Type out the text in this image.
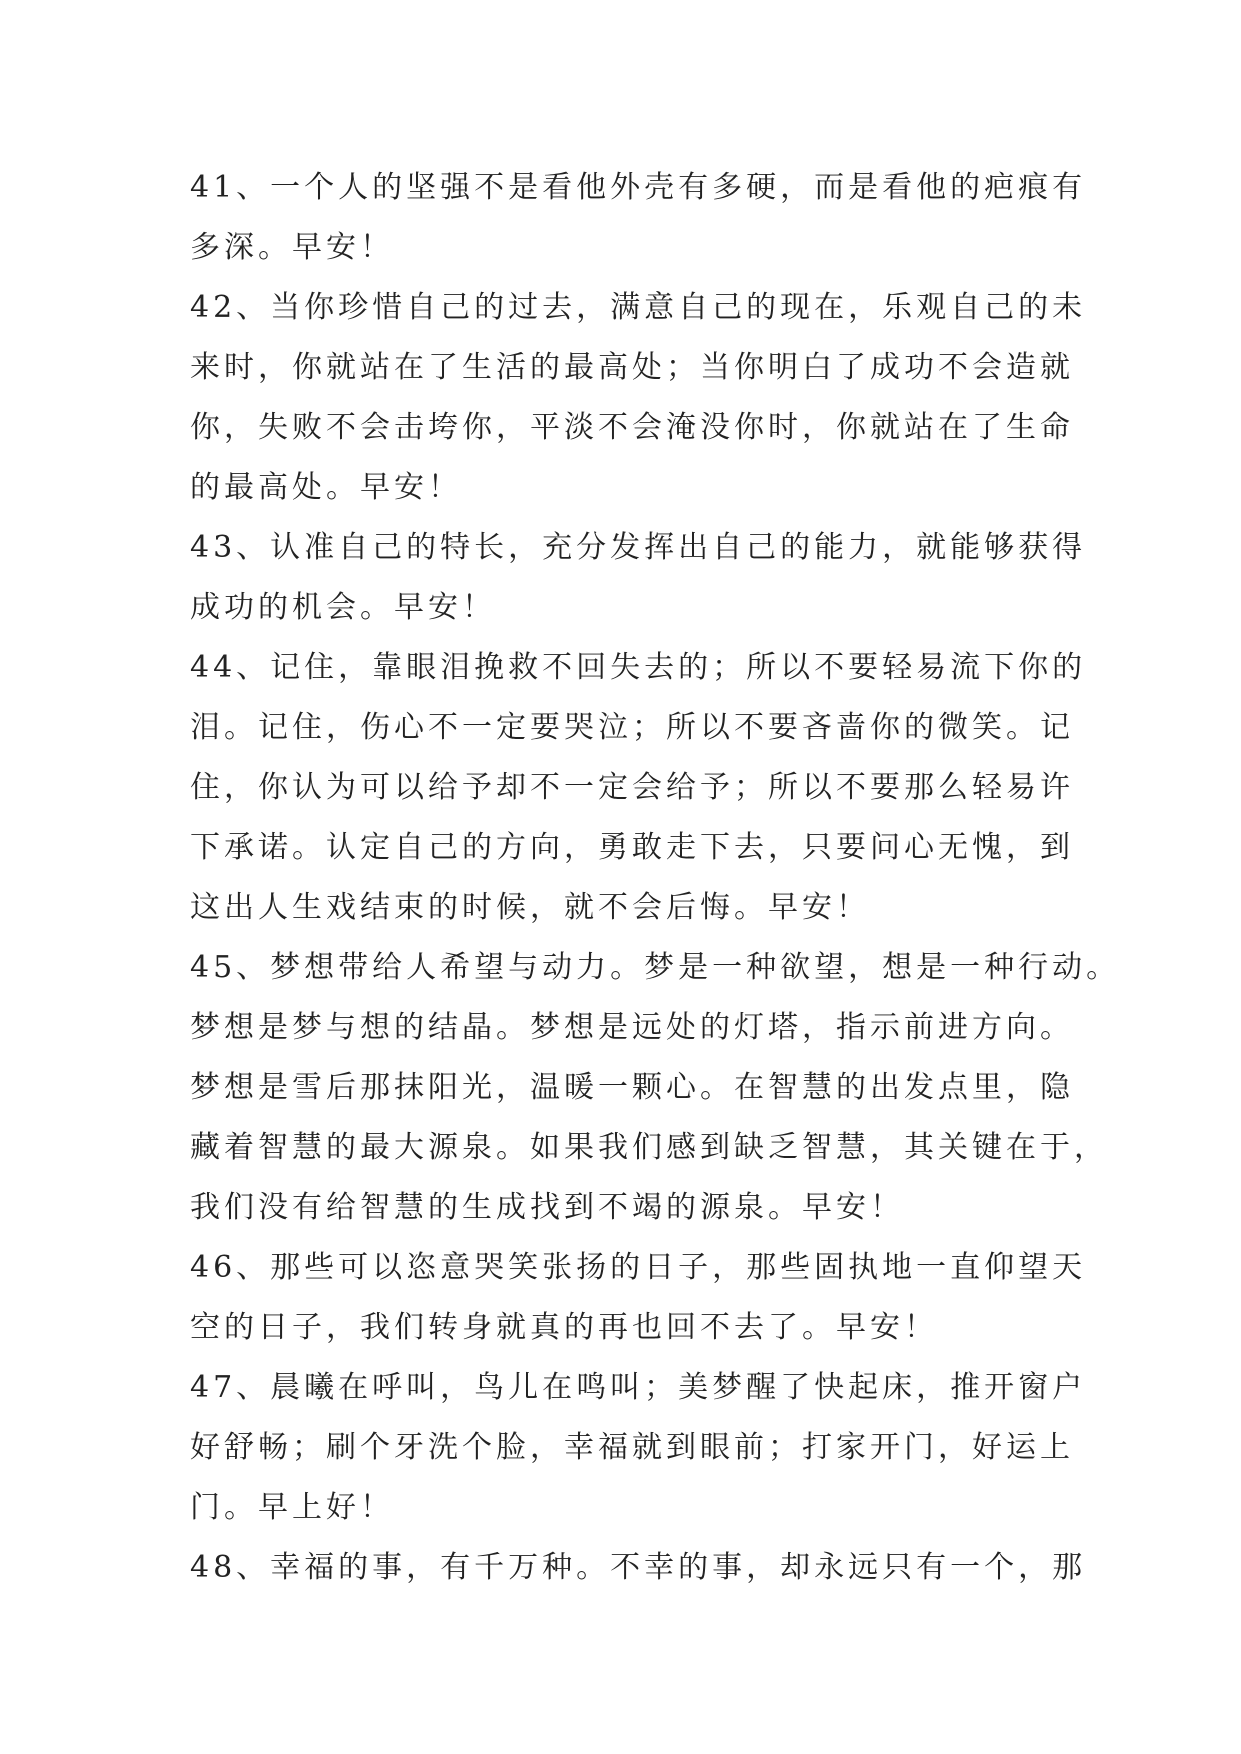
41、一个人的坚强不是看他外壳有多硬，而是看他的疤痕有
多深。早安！
42、当你珍惜自己的过去，满意自己的现在，乐观自己的未
来时，你就站在了生活的最高处；当你明白了成功不会造就
你，失败不会击垮你，平淡不会淹没你时，你就站在了生命
的最高处。早安！
43、认准自己的特长，充分发挥出自己的能力，就能够获得
成功的机会。早安！
44、记住，靠眼泪挽救不回失去的；所以不要轻易流下你的
泪。记住，伤心不一定要哭泣；所以不要吝啬你的微笑。记
住，你认为可以给予却不一定会给予；所以不要那么轻易许
下承诺。认定自己的方向，勇敢走下去，只要问心无愧，到
这出人生戏结束的时候，就不会后悔。早安！
45、梦想带给人希望与动力。梦是一种欲望，想是一种行动。
梦想是梦与想的结晶。梦想是远处的灯塔，指示前进方向。
梦想是雪后那抹阳光，温暖一颗心。在智慧的出发点里，隐
藏着智慧的最大源泉。如果我们感到缺乏智慧，其关键在于，
我们没有给智慧的生成找到不竭的源泉。早安！
46、那些可以恣意哭笑张扬的日子，那些固执地一直仰望天
空的日子，我们转身就真的再也回不去了。早安！
47、晨曦在呼叫，鸟儿在鸣叫；美梦醒了快起床，推开窗户
好舒畅；刷个牙洗个脸，幸福就到眼前；打家开门，好运上
门。早上好！
48、幸福的事，有千万种。不幸的事，却永远只有一个，那
